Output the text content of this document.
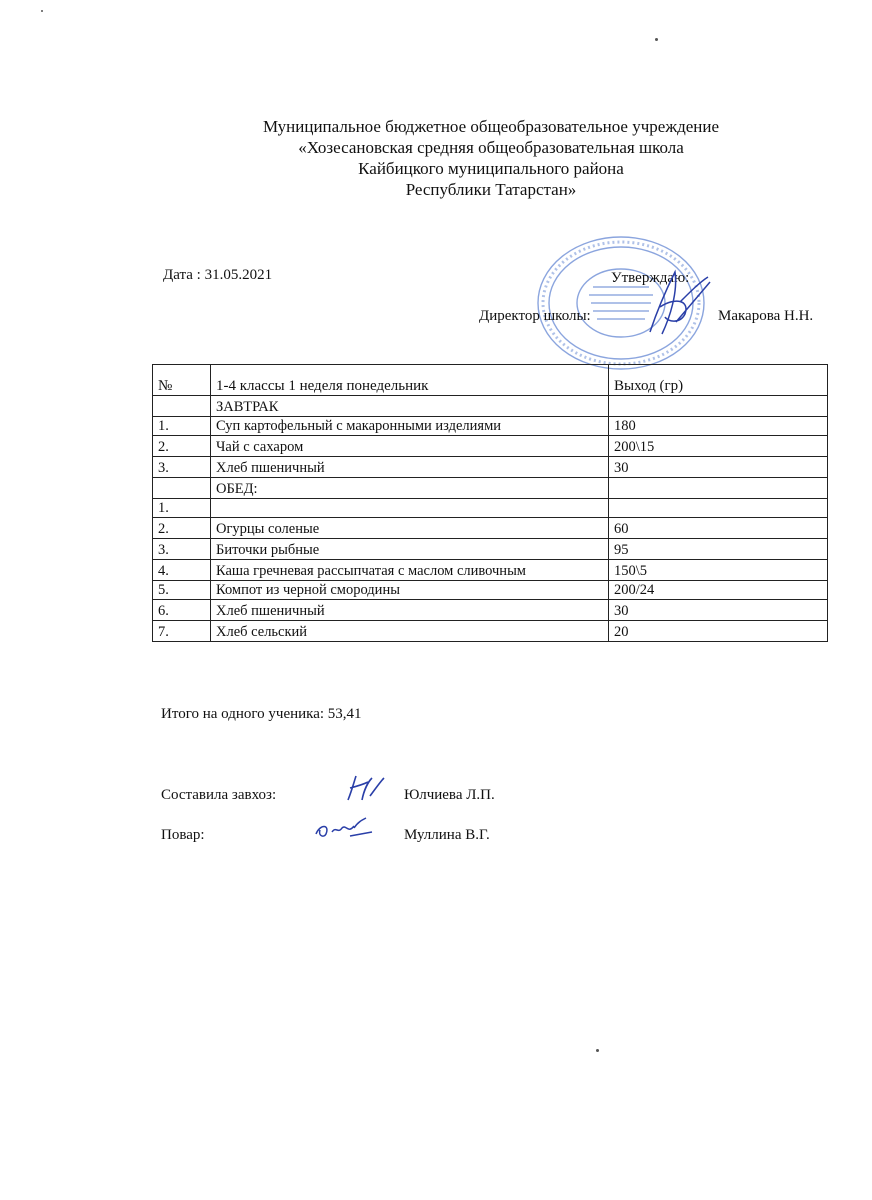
Муниципальное бюджетное общеобразовательное учреждение
«Хозесановская средняя общеобразовательная школа
Кайбицкого муниципального района
Республики Татарстан»
Дата : 31.05.2021	Утверждаю:
Директор школы:	Макарова Н.Н.
№	1-4 классы 1 неделя понедельник	Выход (гр)
	ЗАВТРАК	
1.	Суп картофельный с макаронными изделиями	180
2.	Чай с сахаром	200\15
3.	Хлеб пшеничный	30
	ОБЕД:	
1.		
2.	Огурцы соленые	60
3.	Биточки рыбные	95
4.	Каша гречневая рассыпчатая с маслом сливочным	150\5
5.	Компот из черной смородины	200/24
6.	Хлеб пшеничный	30
7.	Хлеб сельский	20
Итого на одного ученика: 53,41
Составила завхоз:	Юлчиева Л.П.
Повар:	Муллина В.Г.
